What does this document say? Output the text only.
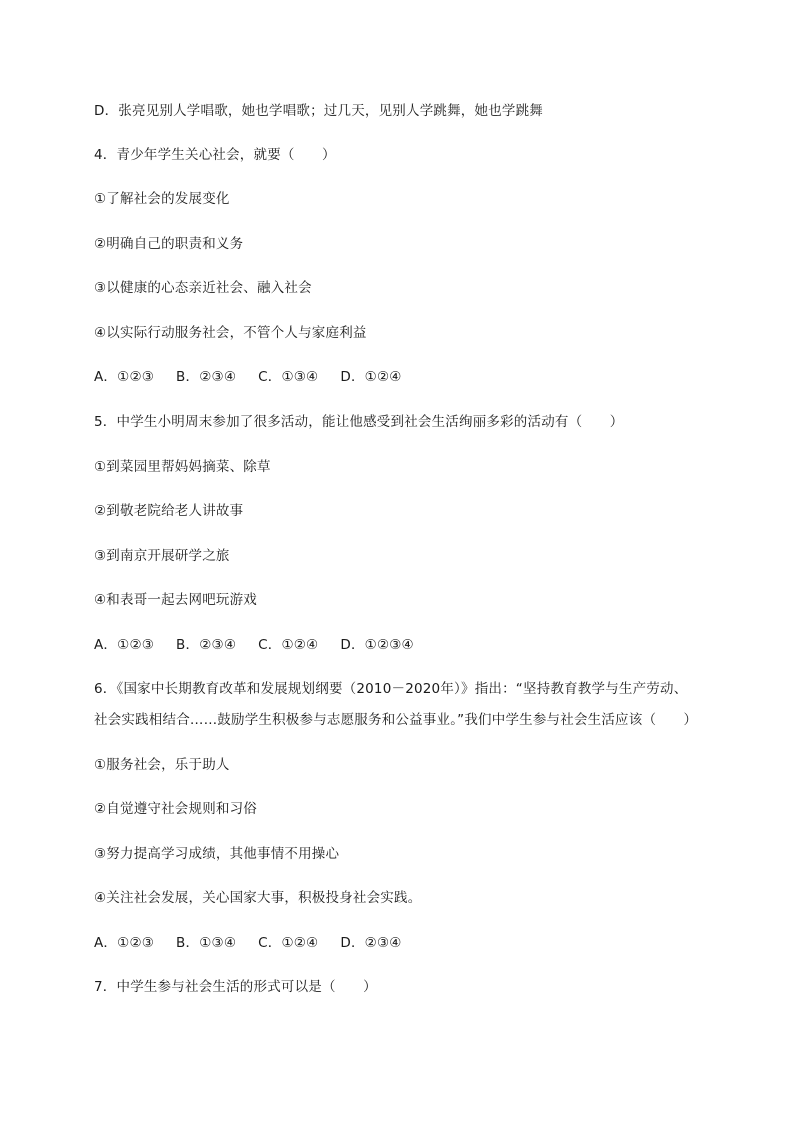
D．张亮见别人学唱歌，她也学唱歌；过几天，见别人学跳舞，她也学跳舞
4．青少年学生关心社会，就要（　　）
①了解社会的发展变化
②明确自己的职责和义务
③以健康的心态亲近社会、融入社会
④以实际行动服务社会，不管个人与家庭利益
A．①②③ B．②③④ C．①③④ D．①②④
5．中学生小明周末参加了很多活动，能让他感受到社会生活绚丽多彩的活动有（　　）
①到菜园里帮妈妈摘菜、除草
②到敬老院给老人讲故事
③到南京开展研学之旅
④和表哥一起去网吧玩游戏
A．①②③ B．②③④ C．①②④ D．①②③④
6．《国家中长期教育改革和发展规划纲要（2010－2020年）》指出：“坚持教育教学与生产劳动、
社会实践相结合……鼓励学生积极参与志愿服务和公益事业。”我们中学生参与社会生活应该（　　）
①服务社会，乐于助人
②自觉遵守社会规则和习俗
③努力提高学习成绩，其他事情不用操心
④关注社会发展，关心国家大事，积极投身社会实践。
A．①②③ B．①③④ C．①②④ D．②③④
7．中学生参与社会生活的形式可以是（　　）
